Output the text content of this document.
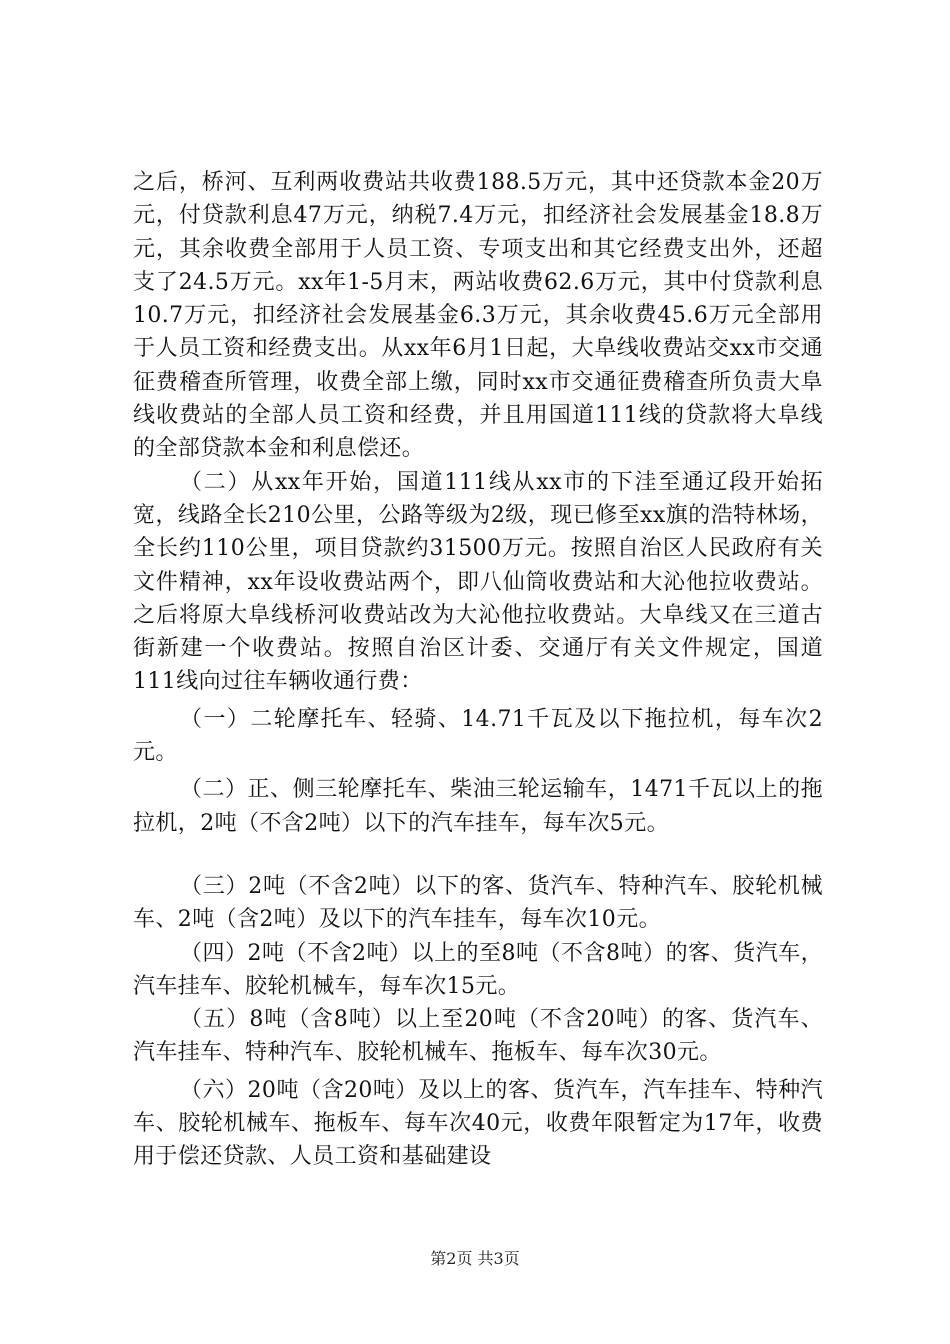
之后，桥河、互利两收费站共收费188.5万元，其中还贷款本金20万元，付贷款利息47万元，纳税7.4万元，扣经济社会发展基金18.8万元，其余收费全部用于人员工资、专项支出和其它经费支出外，还超支了24.5万元。xx年1-5月末，两站收费62.6万元，其中付贷款利息10.7万元，扣经济社会发展基金6.3万元，其余收费45.6万元全部用于人员工资和经费支出。从xx年6月1日起，大阜线收费站交xx市交通征费稽查所管理，收费全部上缴，同时xx市交通征费稽查所负责大阜线收费站的全部人员工资和经费，并且用国道111线的贷款将大阜线的全部贷款本金和利息偿还。

（二）从xx年开始，国道111线从xx市的下洼至通辽段开始拓宽，线路全长210公里，公路等级为2级，现已修至xx旗的浩特林场，全长约110公里，项目贷款约31500万元。按照自治区人民政府有关文件精神，xx年设收费站两个，即八仙筒收费站和大沁他拉收费站。之后将原大阜线桥河收费站改为大沁他拉收费站。大阜线又在三道古街新建一个收费站。按照自治区计委、交通厅有关文件规定，国道111线向过往车辆收通行费：

（一）二轮摩托车、轻骑、14.71千瓦及以下拖拉机，每车次2元。

（二）正、侧三轮摩托车、柴油三轮运输车，1471千瓦以上的拖拉机，2吨（不含2吨）以下的汽车挂车，每车次5元。

（三）2吨（不含2吨）以下的客、货汽车、特种汽车、胶轮机械车、2吨（含2吨）及以下的汽车挂车，每车次10元。

（四）2吨（不含2吨）以上的至8吨（不含8吨）的客、货汽车，汽车挂车、胶轮机械车，每车次15元。

（五）8吨（含8吨）以上至20吨（不含20吨）的客、货汽车、汽车挂车、特种汽车、胶轮机械车、拖板车、每车次30元。

（六）20吨（含20吨）及以上的客、货汽车，汽车挂车、特种汽车、胶轮机械车、拖板车、每车次40元，收费年限暂定为17年，收费用于偿还贷款、人员工资和基础建设

第2页 共3页
